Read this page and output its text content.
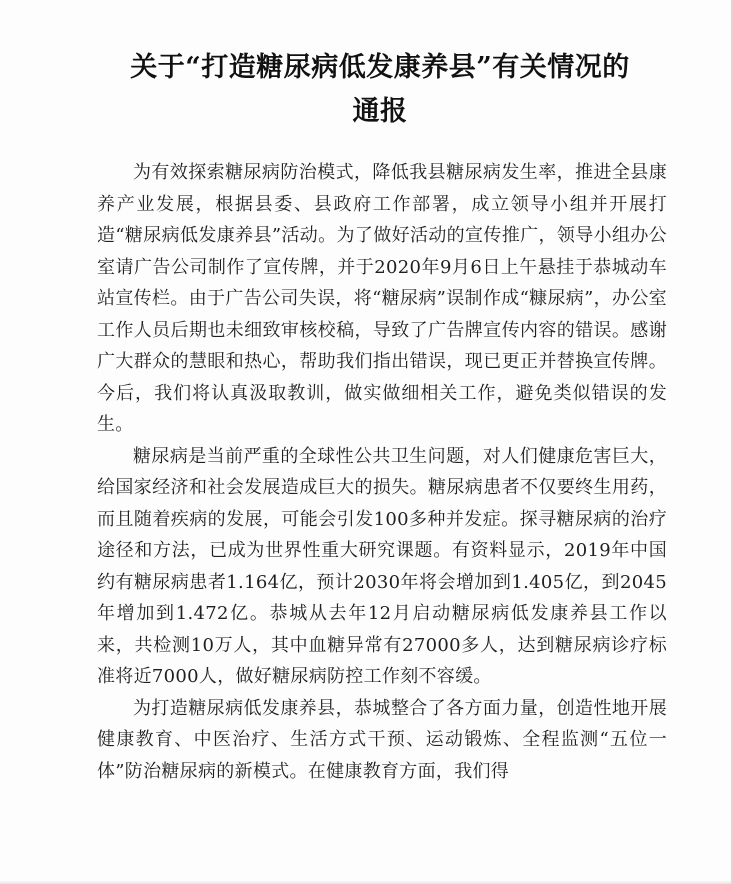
关于“打造糖尿病低发康养县”有关情况的
通报

为有效探索糖尿病防治模式，降低我县糖尿病发生率，推进全县康养产业发展，根据县委、县政府工作部署，成立领导小组并开展打造“糖尿病低发康养县”活动。为了做好活动的宣传推广，领导小组办公室请广告公司制作了宣传牌，并于2020年9月6日上午悬挂于恭城动车站宣传栏。由于广告公司失误，将“糖尿病”误制作成“糠尿病”，办公室工作人员后期也未细致审核校稿，导致了广告牌宣传内容的错误。感谢广大群众的慧眼和热心，帮助我们指出错误，现已更正并替换宣传牌。今后，我们将认真汲取教训，做实做细相关工作，避免类似错误的发生。

糖尿病是当前严重的全球性公共卫生问题，对人们健康危害巨大，给国家经济和社会发展造成巨大的损失。糖尿病患者不仅要终生用药，而且随着疾病的发展，可能会引发100多种并发症。探寻糖尿病的治疗途径和方法，已成为世界性重大研究课题。有资料显示，2019年中国约有糖尿病患者1.164亿，预计2030年将会增加到1.405亿，到2045年增加到1.472亿。恭城从去年12月启动糖尿病低发康养县工作以来，共检测10万人，其中血糖异常有27000多人，达到糖尿病诊疗标准将近7000人，做好糖尿病防控工作刻不容缓。

为打造糖尿病低发康养县，恭城整合了各方面力量，创造性地开展健康教育、中医治疗、生活方式干预、运动锻炼、全程监测“五位一体”防治糖尿病的新模式。在健康教育方面，我们得
